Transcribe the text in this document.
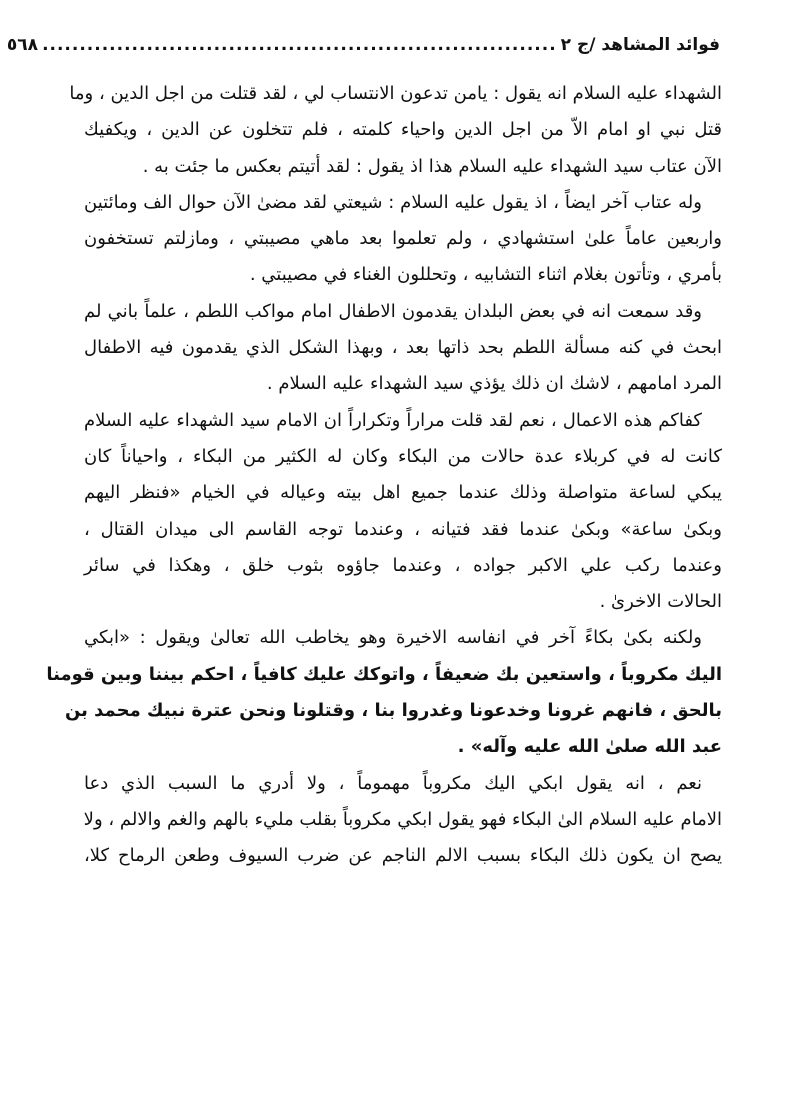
فوائد المشاهد /ج ٢
.....................................................................
٥٦٨
الشهداء عليه السلام انه يقول : يامن تدعون الانتساب لي ، لقد قتلت من اجل الدين ، وما
قتل نبي او امام الاّ من اجل الدين واحياء كلمته ، فلم تتخلون عن الدين ، ويكفيك
الآن عتاب سيد الشهداء عليه السلام هذا اذ يقول : لقد أتيتم بعكس ما جئت به .
وله عتاب آخر ايضاً ، اذ يقول عليه السلام : شيعتي لقد مضىٰ الآن حوال الف ومائتين
واربعين عاماً علىٰ استشهادي ، ولم تعلموا بعد ماهي مصيبتي ، ومازلتم تستخفون
بأمري ، وتأتون بغلام اثناء التشابيه ، وتحللون الغناء في مصيبتي .
وقد سمعت انه في بعض البلدان يقدمون الاطفال امام مواكب اللطم ، علماً باني لم
ابحث في كنه مسألة اللطم بحد ذاتها بعد ، وبهذا الشكل الذي يقدمون فيه الاطفال
المرد امامهم ، لاشك ان ذلك يؤذي سيد الشهداء عليه السلام .
كفاكم هذه الاعمال ، نعم لقد قلت مراراً وتكراراً ان الامام سيد الشهداء عليه السلام
كانت له في كربلاء عدة حالات من البكاء وكان له الكثير من البكاء ، واحياناً كان
يبكي لساعة متواصلة وذلك عندما جميع اهل بيته وعياله في الخيام «فنظر اليهم
وبكىٰ ساعة» وبكىٰ عندما فقد فتيانه ، وعندما توجه القاسم الى ميدان القتال ،
وعندما ركب علي الاكبر جواده ، وعندما جاؤوه بثوب خلق ، وهكذا في سائر
الحالات الاخرىٰ .
ولكنه بكىٰ بكاءً آخر في انفاسه الاخيرة وهو يخاطب الله تعالىٰ ويقول : «ابكي
اليك مكروباً ، واستعين بك ضعيفاً ، واتوكك عليك كافياً ، احكم بيننا وبين قومنا
بالحق ، فانهم غرونا وخدعونا وغدروا بنا ، وقتلونا ونحن عترة نبيك محمد بن
عبد الله صلىٰ الله عليه وآله» .
نعم ، انه يقول ابكي اليك مكروباً مهموماً ، ولا أدري ما السبب الذي دعا
الامام عليه السلام الىٰ البكاء فهو يقول ابكي مكروباً بقلب مليء بالهم والغم والالم ، ولا
يصح ان يكون ذلك البكاء بسبب الالم الناجم عن ضرب السيوف وطعن الرماح كلا،
